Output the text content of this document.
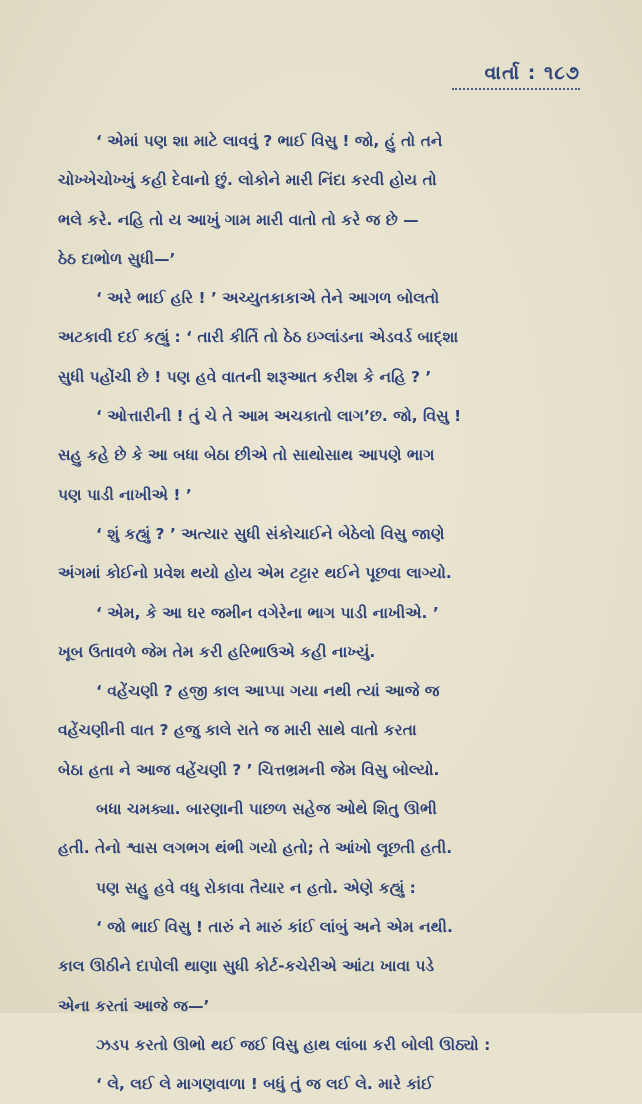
વાર્તા : ૧૮૭
‘ એમાં પણ શા માટે લાવવું ? ભાઈ વિસુ ! જો, હું તો તને
ચોખ્ખેચોખ્ખું કહી દેવાનો છું. લોકોને મારી નિંદા કરવી હોય તો
ભલે કરે. નહિ તો ય આખું ગામ મારી વાતો તો કરે જ છે —
ઠેઠ દાભોળ સુધી—’
‘ અરે ભાઈ હરિ ! ’ અચ્યુતકાકાએ તેને આગળ બોલતો
અટકાવી દઈ કહ્યું : ‘ તારી કીર્તિ તો ઠેઠ ઇગ્લાંડના એડવર્ડ બાદ્શા
સુધી પહોંચી છે ! પણ હવે વાતની શરૂઆત કરીશ કે નહિ ? ’
‘ ઓત્તારીની ! તું ચે તે આમ અચકાતો લાગ’છ. જો, વિસુ !
સહુ કહે છે કે આ બધા બેઠા છીએ તો સાથોસાથ આપણે ભાગ
પણ પાડી નાખીએ ! ’
‘ શું કહ્યું ? ’ અત્યાર સુધી સંકોચાઈને બેઠેલો વિસુ જાણે
અંગમાં કોઈનો પ્રવેશ થયો હોય એમ ટટ્ટાર થઈને પૂછવા લાગ્યો.
‘ એમ, કે આ ઘર જમીન વગેરેના ભાગ પાડી નાખીએ. ’
ખૂબ ઉતાવળે જેમ તેમ કરી હરિભાઉએ કહી નાખ્યું.
‘ વહેંચણી ? હજી કાલ આપ્પા ગયા નથી ત્યાં આજે જ
વહેંચણીની વાત ? હજુ કાલે રાતે જ મારી સાથે વાતો કરતા
બેઠા હતા ને આજ વહેંચણી ? ’ ચિત્તભ્રમની જેમ વિસુ બોલ્યો.
બધા ચમક્યા. બારણાની પાછળ સહેજ ઓથે શિતુ ઊભી
હતી. તેનો શ્વાસ લગભગ થંભી ગયો હતો; તે આંખો લૂછતી હતી.
પણ સહુ હવે વધુ રોકાવા તૈયાર ન હતો. એણે કહ્યું :
‘ જો ભાઈ વિસુ ! તારું ને મારું કાંઈ લાંબું અને એમ નથી.
કાલ ઊઠીને દાપોલી થાણા સુધી કોર્ટ-કચેરીએ આંટા ખાવા પડે
એના કરતાં આજે જ—’
ઝડપ કરતો ઊભો થઈ જઈ વિસુ હાથ લાંબા કરી બોલી ઊઠ્યો :
‘ લે, લઈ લે માગણવાળા ! બધું તું જ લઈ લે. મારે કાંઈ
